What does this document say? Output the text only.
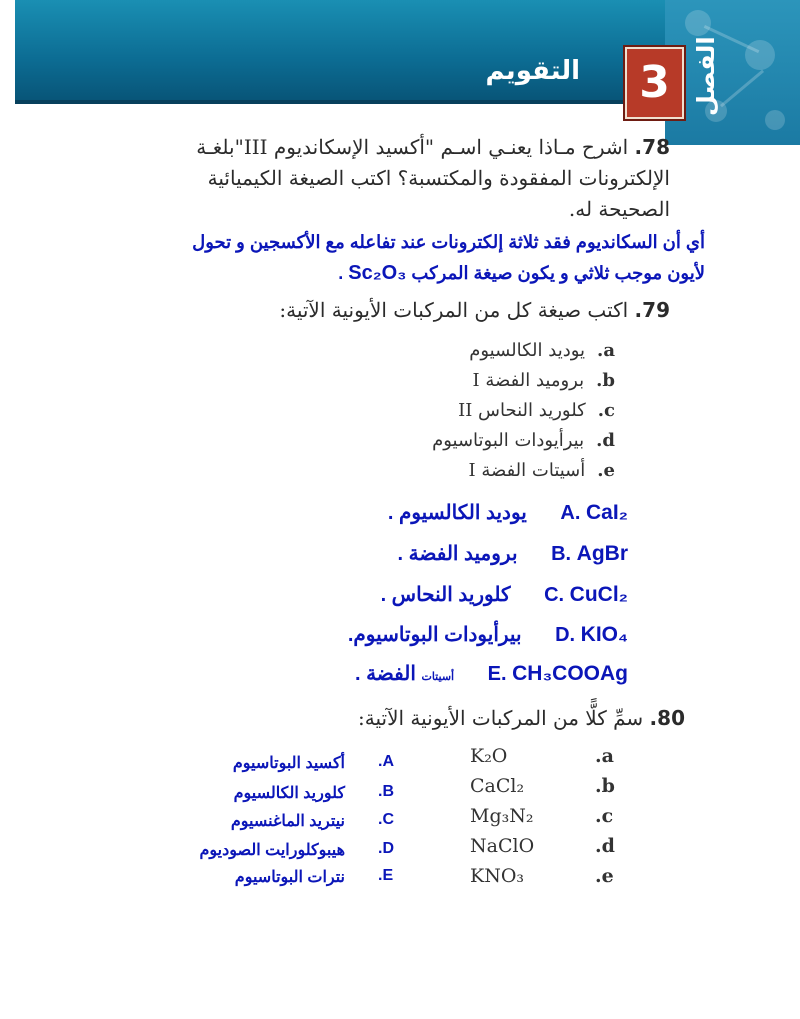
التقويم 3 الفصل
78. اشرح مـاذا يعنـي اسـم "أكسيد الإسكانديوم III"بلغـة
الإلكترونات المفقودة والمكتسبة؟ اكتب الصيغة الكيميائية
الصحيحة له.
أي أن السكانديوم فقد ثلاثة إلكترونات عند تفاعله مع الأكسجين و تحول
لأيون موجب ثلاثي و يكون صيغة المركب Sc₂O₃ .
79. اكتب صيغة كل من المركبات الأيونية الآتية:
a.يوديد الكالسيوم
b.بروميد الفضة I
c.كلوريد النحاس II
d.بيرأيودات البوتاسيوم
e.أسيتات الفضة I
A. CaI₂ يوديد الكالسيوم .
B. AgBr بروميد الفضة .
C. CuCl₂ كلوريد النحاس .
D. KIO₄ بيرأيودات البوتاسيوم.
E. CH₃COOAg أسيتات الفضة .
80. سمِّ كلًّا من المركبات الأيونية الآتية:
K₂O	.a
CaCl₂	.b
Mg₃N₂	.c
NaClO	.d
KNO₃	.e
أكسيد البوتاسيوم A.
كلوريد الكالسيوم B.
نيتريد الماغنسيوم C.
هيبوكلورايت الصوديوم D.
نترات البوتاسيوم E.
